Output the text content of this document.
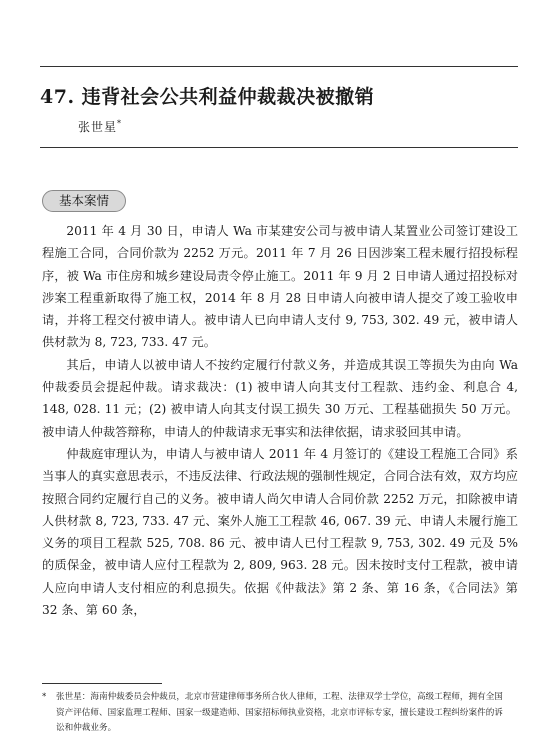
47. 违背社会公共利益仲裁裁决被撤销
张世星*
基本案情

2011 年 4 月 30 日，申请人 Wa 市某建安公司与被申请人某置业公司签订建设工程施工合同，合同价款为 2252 万元。2011 年 7 月 26 日因涉案工程未履行招投标程序，被 Wa 市住房和城乡建设局责令停止施工。2011 年 9 月 2 日申请人通过招投标对涉案工程重新取得了施工权，2014 年 8 月 28 日申请人向被申请人提交了竣工验收申请，并将工程交付被申请人。被申请人已向申请人支付 9, 753, 302. 49 元，被申请人供材款为 8, 723, 733. 47 元。

其后，申请人以被申请人不按约定履行付款义务，并造成其误工等损失为由向 Wa 仲裁委员会提起仲裁。请求裁决：(1) 被申请人向其支付工程款、违约金、利息合 4, 148, 028. 11 元；(2) 被申请人向其支付误工损失 30 万元、工程基础损失 50 万元。被申请人仲裁答辩称，申请人的仲裁请求无事实和法律依据，请求驳回其申请。

仲裁庭审理认为，申请人与被申请人 2011 年 4 月签订的《建设工程施工合同》系当事人的真实意思表示，不违反法律、行政法规的强制性规定，合同合法有效，双方均应按照合同约定履行自己的义务。被申请人尚欠申请人合同价款 2252 万元，扣除被申请人供材款 8, 723, 733. 47 元、案外人施工工程款 46, 067. 39 元、申请人未履行施工义务的项目工程款 525, 708. 86 元、被申请人已付工程款 9, 753, 302. 49 元及 5% 的质保金，被申请人应付工程款为 2, 809, 963. 28 元。因未按时支付工程款，被申请人应向申请人支付相应的利息损失。依据《仲裁法》第 2 条、第 16 条，《合同法》第 32 条、第 60 条，

* 张世星：海南仲裁委员会仲裁员，北京市营建律师事务所合伙人律师，工程、法律双学士学位，高级工程师，拥有全国资产评估师、国家监理工程师、国家一级建造师、国家招标师执业资格，北京市评标专家，擅长建设工程纠纷案件的诉讼和仲裁业务。
